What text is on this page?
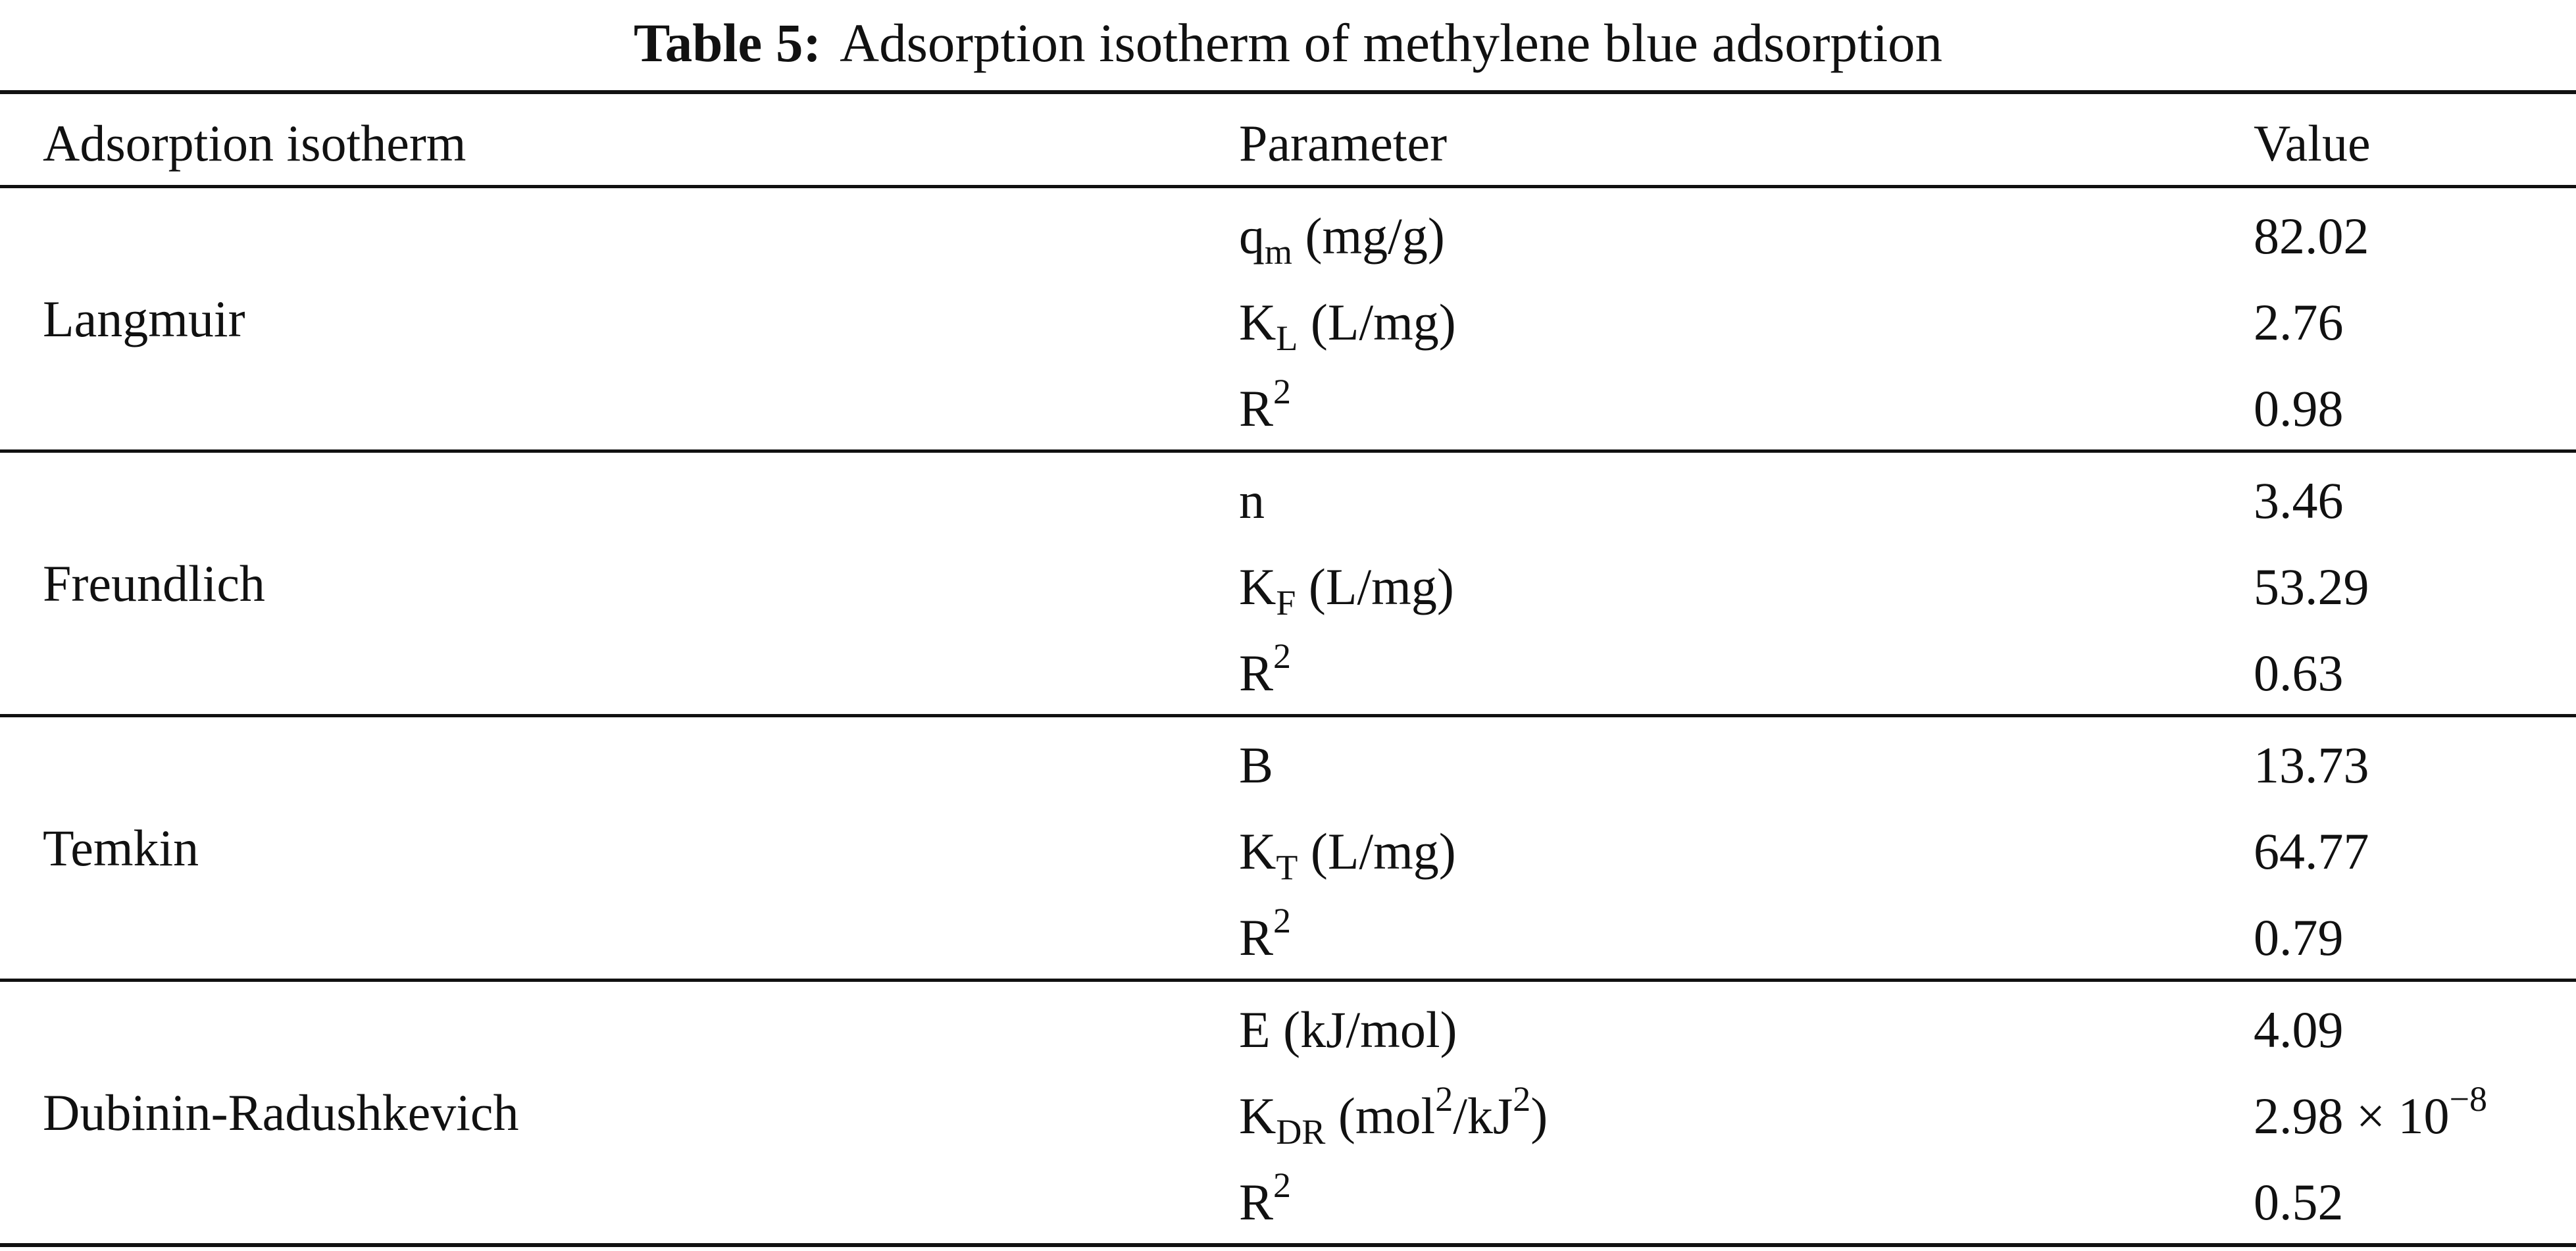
Table 5: Adsorption isotherm of methylene blue adsorption
Adsorption isotherm	Parameter	Value
Langmuir
$q_m$ (mg/g)	82.02
$K_L$ (L/mg)	2.76
$R^2$	0.98
Freundlich
n	3.46
$K_F$ (L/mg)	53.29
$R^2$	0.63
Temkin
B	13.73
$K_T$ (L/mg)	64.77
$R^2$	0.79
Dubinin-Radushkevich
E (kJ/mol)	4.09
$K_{DR}$ $(mol^2/kJ^2)$	$2.98 \times 10^{-8}$
$R^2$	0.52
